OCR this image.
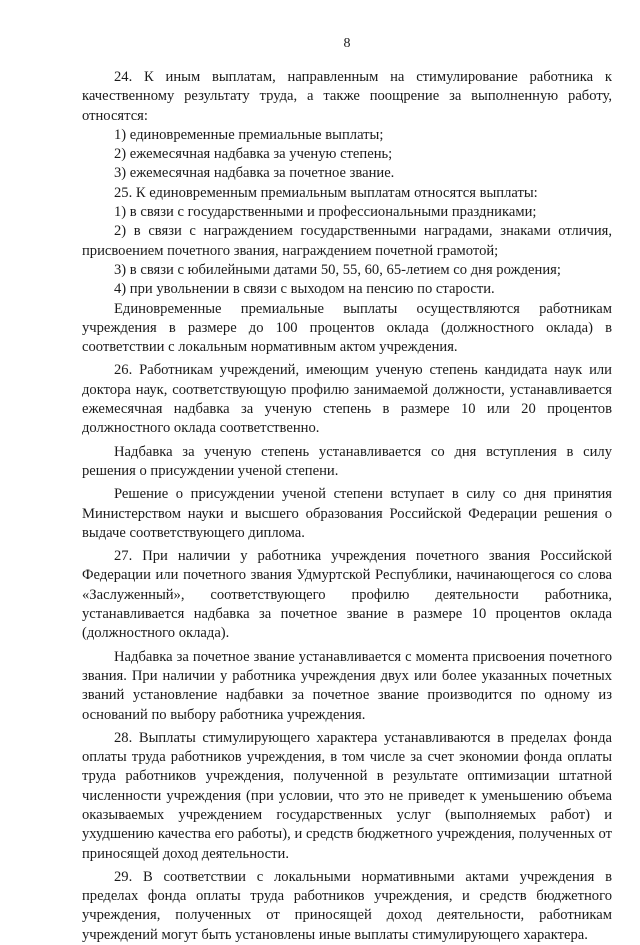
8

24. К иным выплатам, направленным на стимулирование работника к качественному результату труда, а также поощрение за выполненную работу, относятся:

1) единовременные премиальные выплаты;

2) ежемесячная надбавка за ученую степень;

3) ежемесячная надбавка за почетное звание.

25. К единовременным премиальным выплатам относятся выплаты:

1) в связи с государственными и профессиональными праздниками;

2) в связи с награждением государственными наградами, знаками отличия, присвоением почетного звания, награждением почетной грамотой;

3) в связи с юбилейными датами 50, 55, 60, 65-летием со дня рождения;

4) при увольнении в связи с выходом на пенсию по старости.

Единовременные премиальные выплаты осуществляются работникам учреждения в размере до 100 процентов оклада (должностного оклада) в соответствии с локальным нормативным актом учреждения.

26. Работникам учреждений, имеющим ученую степень кандидата наук или доктора наук, соответствующую профилю занимаемой должности, устанавливается ежемесячная надбавка за ученую степень в размере 10 или 20 процентов должностного оклада соответственно.

Надбавка за ученую степень устанавливается со дня вступления в силу решения о присуждении ученой степени.

Решение о присуждении ученой степени вступает в силу со дня принятия Министерством науки и высшего образования Российской Федерации решения о выдаче соответствующего диплома.

27. При наличии у работника учреждения почетного звания Российской Федерации или почетного звания Удмуртской Республики, начинающегося со слова «Заслуженный», соответствующего профилю деятельности работника, устанавливается надбавка за почетное звание в размере 10 процентов оклада (должностного оклада).

Надбавка за почетное звание устанавливается с момента присвоения почетного звания. При наличии у работника учреждения двух или более указанных почетных званий установление надбавки за почетное звание производится по одному из оснований по выбору работника учреждения.

28. Выплаты стимулирующего характера устанавливаются в пределах фонда оплаты труда работников учреждения, в том числе за счет экономии фонда оплаты труда работников учреждения, полученной в результате оптимизации штатной численности учреждения (при условии, что это не приведет к уменьшению объема оказываемых учреждением государственных услуг (выполняемых работ) и ухудшению качества его работы), и средств бюджетного учреждения, полученных от приносящей доход деятельности.

29. В соответствии с локальными нормативными актами учреждения в пределах фонда оплаты труда работников учреждения, и средств бюджетного учреждения, полученных от приносящей доход деятельности, работникам учреждений могут быть установлены иные выплаты стимулирующего характера.
